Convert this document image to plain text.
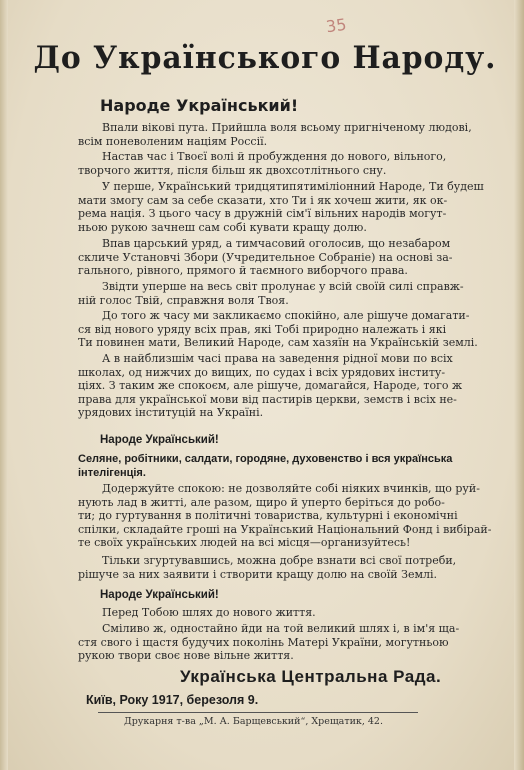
35
До Українського Народу.
Народе Український!
Впали вікові пута. Прийшла воля всьому пригніченому людові,
всім поневоленим націям Россії.
Настав час і Твоєї волі й пробуждення до нового, вільного,
творчого життя, після більш як двохсотлітнього сну.
У перше, Український тридцятипятиміліонний Народе, Ти будеш
мати змогу сам за себе сказати, хто Ти і як хочеш жити, як ок-
рема нація. З цього часу в дружній сім'ї вільних народів могут-
ньою рукою зачнеш сам собі кувати кращу долю.
Впав царський уряд, а тимчасовий оголосив, що незабаром
скличе Установчі Збори (Учредительное Собраніе) на основі за-
гального, рівного, прямого й таємного виборчого права.
Звідти уперше на весь світ пролунає у всій своїй силі справж-
ній голос Твій, справжня воля Твоя.
До того ж часу ми закликаємо спокійно, але рішуче домагати-
ся від нового уряду всіх прав, які Тобі природно належать і які
Ти повинен мати, Великий Народе, сам хазяїн на Українській землі.
А в найблизшім часі права на заведення рідної мови по всіх
школах, од нижчих до вищих, по судах і всіх урядових інститу-
ціях. З таким же спокоєм, але рішуче, домагайся, Народе, того ж
права для української мови від пастирів церкви, земств і всіх не-
урядових інституцій на Україні.
Народе Український!
Селяне, робітники, салдати, городяне, духовенство і вся українська інтелігенція.
Додержуйте спокою: не дозволяйте собі ніяких вчинків, що руй-
нують лад в житті, але разом, щиро й уперто беріться до робо-
ти; до гуртування в політичні товариства, культурні і економічні
спілки, складайте гроші на Український Національний Фонд і вибірай-
те своїх українських людей на всі місця—организуйтесь!
Тільки згуртувавшись, можна добре взнати всі свої потреби,
рішуче за них заявити і створити кращу долю на своїй Землі.
Народе Український!
Перед Тобою шлях до нового життя.
Сміливо ж, одностайно йди на той великий шлях і, в ім'я ща-
стя свого і щастя будучих поколінь Матері України, могутньою
рукою твори своє нове вільне життя.
Українська Центральна Рада.
Київ, Року 1917, березоля 9.
Друкарня т-ва „М. А. Барщевський“, Хрещатик, 42.
